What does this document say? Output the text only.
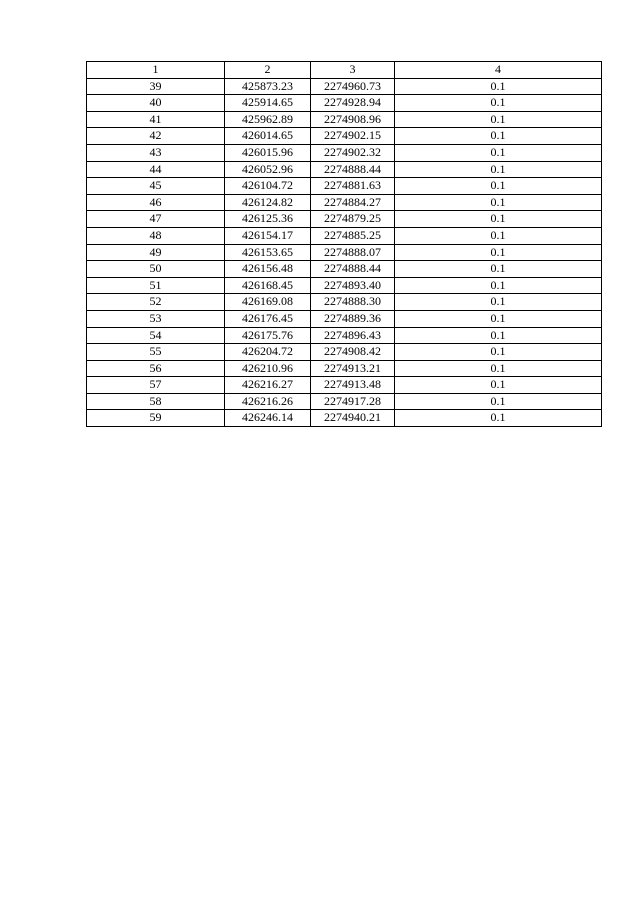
1	2	3	4
39	425873.23	2274960.73	0.1
40	425914.65	2274928.94	0.1
41	425962.89	2274908.96	0.1
42	426014.65	2274902.15	0.1
43	426015.96	2274902.32	0.1
44	426052.96	2274888.44	0.1
45	426104.72	2274881.63	0.1
46	426124.82	2274884.27	0.1
47	426125.36	2274879.25	0.1
48	426154.17	2274885.25	0.1
49	426153.65	2274888.07	0.1
50	426156.48	2274888.44	0.1
51	426168.45	2274893.40	0.1
52	426169.08	2274888.30	0.1
53	426176.45	2274889.36	0.1
54	426175.76	2274896.43	0.1
55	426204.72	2274908.42	0.1
56	426210.96	2274913.21	0.1
57	426216.27	2274913.48	0.1
58	426216.26	2274917.28	0.1
59	426246.14	2274940.21	0.1
